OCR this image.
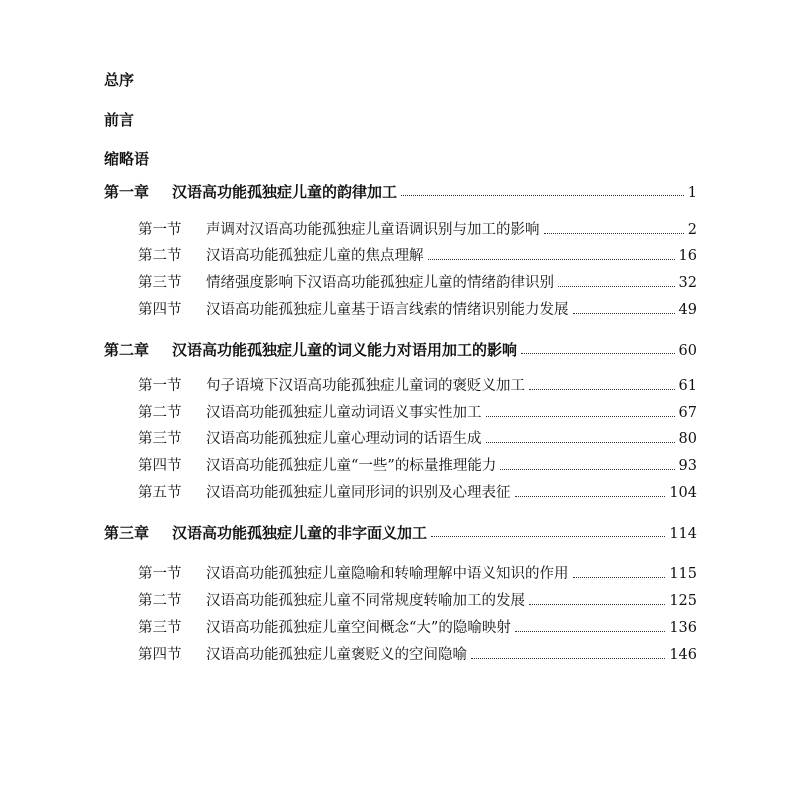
总序
前言
缩略语
第一章	汉语高功能孤独症儿童的韵律加工	1
第一节	声调对汉语高功能孤独症儿童语调识别与加工的影响	2
第二节	汉语高功能孤独症儿童的焦点理解	16
第三节	情绪强度影响下汉语高功能孤独症儿童的情绪韵律识别	32
第四节	汉语高功能孤独症儿童基于语言线索的情绪识别能力发展	49
第二章	汉语高功能孤独症儿童的词义能力对语用加工的影响	60
第一节	句子语境下汉语高功能孤独症儿童词的褒贬义加工	61
第二节	汉语高功能孤独症儿童动词语义事实性加工	67
第三节	汉语高功能孤独症儿童心理动词的话语生成	80
第四节	汉语高功能孤独症儿童“一些”的标量推理能力	93
第五节	汉语高功能孤独症儿童同形词的识别及心理表征	104
第三章	汉语高功能孤独症儿童的非字面义加工	114
第一节	汉语高功能孤独症儿童隐喻和转喻理解中语义知识的作用	115
第二节	汉语高功能孤独症儿童不同常规度转喻加工的发展	125
第三节	汉语高功能孤独症儿童空间概念“大”的隐喻映射	136
第四节	汉语高功能孤独症儿童褒贬义的空间隐喻	146
